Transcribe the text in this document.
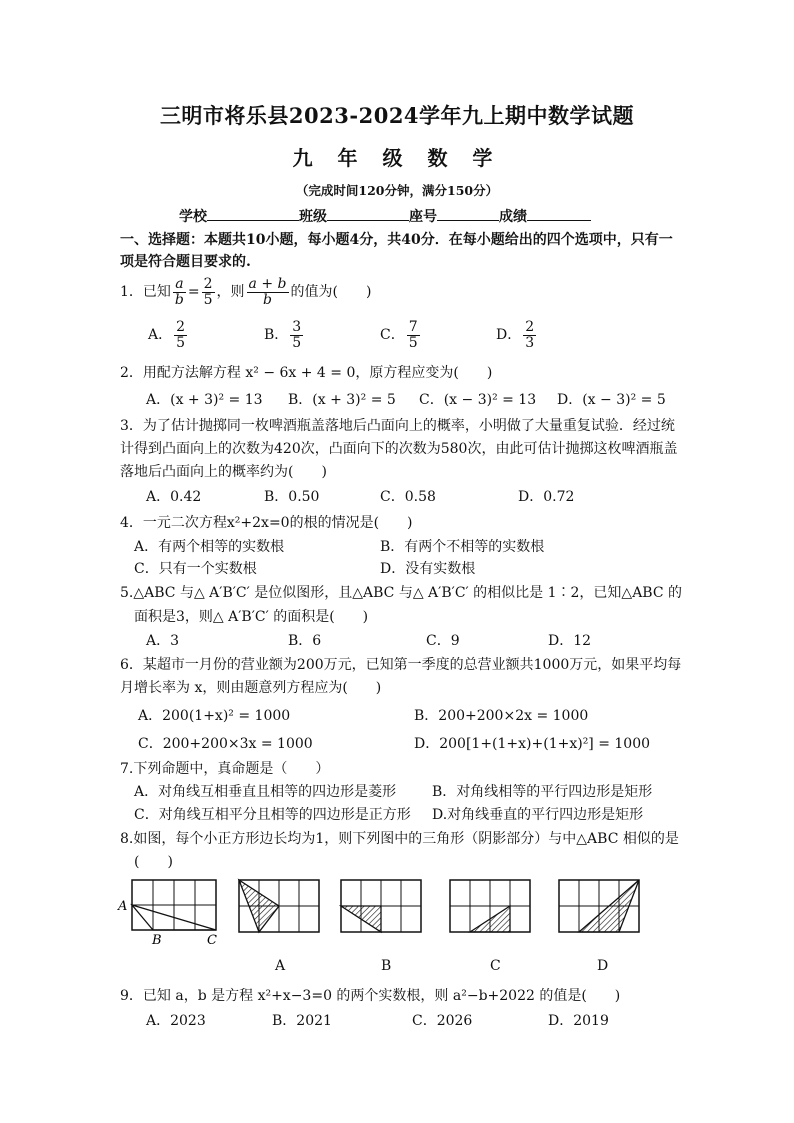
三明市将乐县2023-2024学年九上期中数学试题
九 年 级 数 学
（完成时间120分钟，满分150分）
学校	班级	座号	成绩
一、选择题：本题共10小题，每小题4分，共40分．在每小题给出的四个选项中，只有一
项是符合题目要求的.
1．已知 $\frac{a}{b} = \frac{2}{5}$ ，则 $\frac{a + b}{b}$ 的值为(　　)
A． $\frac{2}{5}$	B． $\frac{3}{5}$	C． $\frac{7}{5}$	D． $\frac{2}{3}$
2．用配方法解方程 x² − 6x + 4 = 0，原方程应变为(　　)
A．(x + 3)² = 13 B．(x + 3)² = 5 C．(x − 3)² = 13 D．(x − 3)² = 5
3．为了估计抛掷同一枚啤酒瓶盖落地后凸面向上的概率，小明做了大量重复试验．经过统
计得到凸面向上的次数为420次，凸面向下的次数为580次，由此可估计抛掷这枚啤酒瓶盖
落地后凸面向上的概率约为(　　)
A．0.42	B．0.50	C．0.58	D．0.72
4．一元二次方程x²+2x=0的根的情况是(　　)
A．有两个相等的实数根	B．有两个不相等的实数根
C．只有一个实数根	D．没有实数根
5.△ABC 与△ A′B′C′ 是位似图形，且△ABC 与△ A′B′C′ 的相似比是 1∶2，已知△ABC 的
面积是3，则△ A′B′C′ 的面积是(　　)
A．3	B．6	C．9	D．12
6．某超市一月份的营业额为200万元，已知第一季度的总营业额共1000万元，如果平均每
月增长率为 x，则由题意列方程应为(　　)
A．200(1+x)² = 1000	B．200+200×2x = 1000
C．200+200×3x = 1000	D．200[1+(1+x)+(1+x)²] = 1000
7.下列命题中，真命题是（　　）
A．对角线互相垂直且相等的四边形是菱形	B．对角线相等的平行四边形是矩形
C．对角线互相平分且相等的四边形是正方形 D.对角线垂直的平行四边形是矩形
8.如图，每个小正方形边长均为1，则下列图中的三角形（阴影部分）与中△ABC 相似的是
(　　)
A
B	C
A	B	C	D
9．已知 a，b 是方程 x²+x−3=0 的两个实数根，则 a²−b+2022 的值是(　　)
A．2023	B．2021	C．2026	D．2019
